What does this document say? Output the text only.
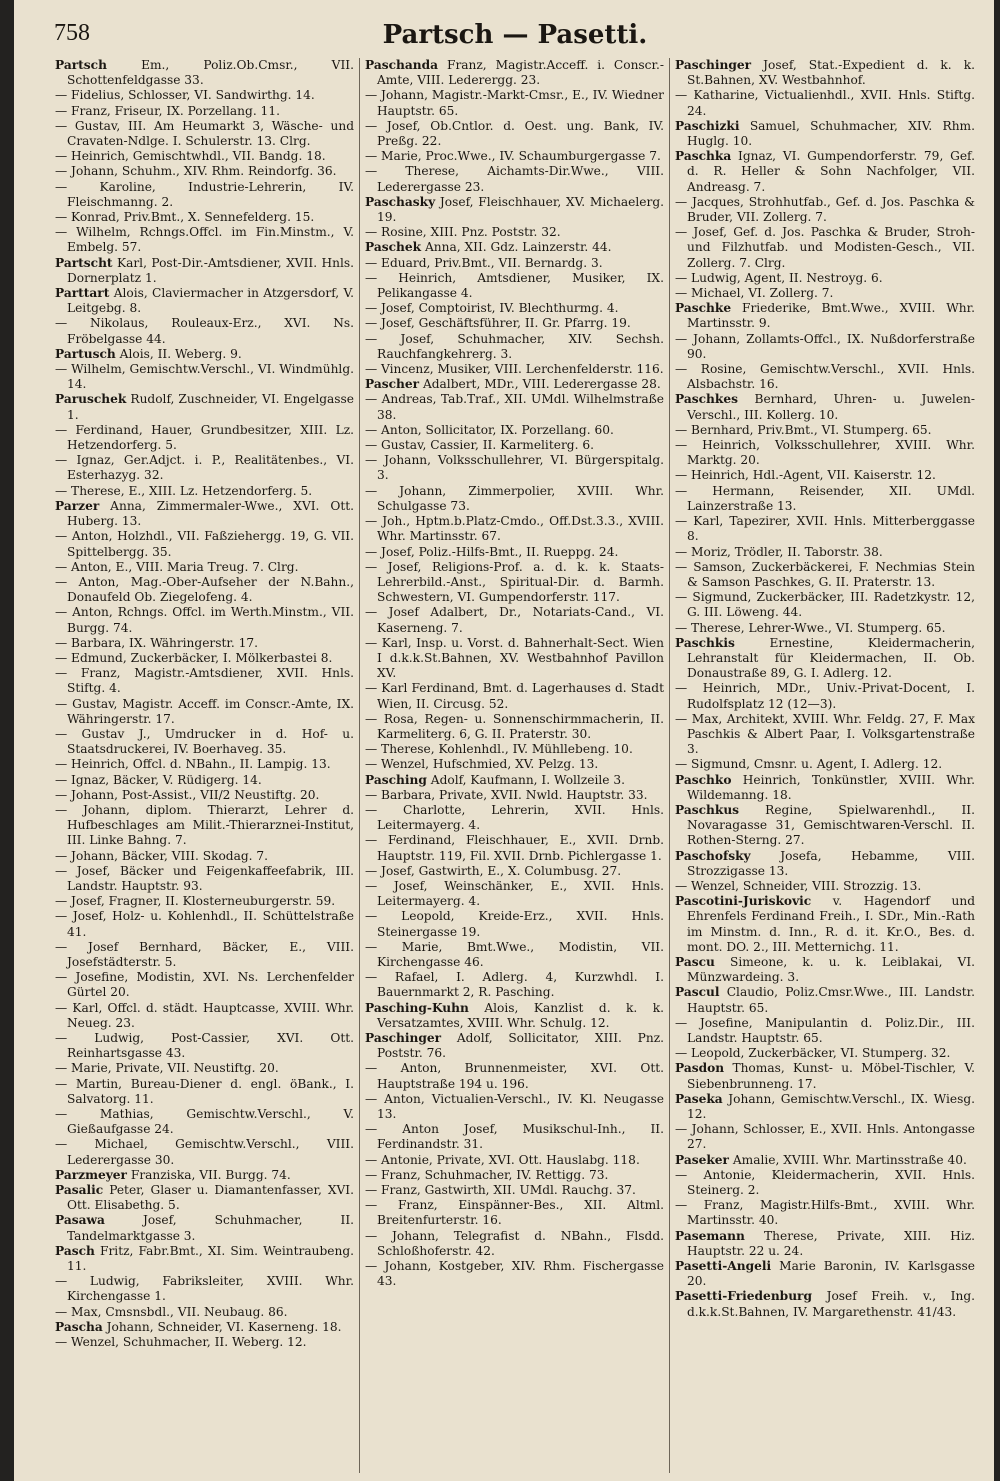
758	Partsch — Pasetti.

Partsch	Em., Poliz.Ob.Cmsr., VII. Schottenfeldgasse 33.

— Fidelius, Schlosser, VI. Sandwirthg. 14.

— Franz, Friseur, IX. Porzellang. 11.

— Gustav, III. Am Heumarkt 3, Wäsche- und Cravaten-Ndlge. I. Schulerstr. 13. Clrg.

— Heinrich, Gemischtwhdl., VII. Bandg. 18.

— Johann, Schuhm., XIV. Rhm. Reindorfg. 36.

— Karoline, Industrie-Lehrerin, IV. Fleischmanng. 2.

— Konrad, Priv.Bmt., X. Sennefelderg. 15.

— Wilhelm, Rchngs.Offcl. im Fin.Minstm., V. Embelg. 57.

Partscht Karl, Post-Dir.-Amtsdiener, XVII. Hnls. Dornerplatz 1.

Parttart Alois, Claviermacher in Atzgersdorf, V. Leitgebg. 8.

— Nikolaus, Rouleaux-Erz., XVI. Ns. Fröbelgasse 44.

Partusch Alois, II. Weberg. 9.

— Wilhelm, Gemischtw.Verschl., VI. Windmühlg. 14.

Paruschek Rudolf, Zuschneider, VI. Engelgasse 1.

— Ferdinand, Hauer, Grundbesitzer, XIII. Lz. Hetzendorferg. 5.

— Ignaz, Ger.Adjct. i. P., Realitätenbes., VI. Esterhazyg. 32.

— Therese, E., XIII. Lz. Hetzendorferg. 5.

Parzer Anna, Zimmermaler-Wwe., XVI. Ott. Huberg. 13.

— Anton, Holzhdl., VII. Faßziehergg. 19, G. VII. Spittelbergg. 35.

— Anton, E., VIII. Maria Treug. 7. Clrg.

— Anton, Mag.-Ober-Aufseher der N.Bahn., Donaufeld Ob. Ziegelofeng. 4.

— Anton, Rchngs. Offcl. im Werth.Minstm., VII. Burgg. 74.

— Barbara, IX. Währingerstr. 17.

— Edmund, Zuckerbäcker, I. Mölkerbastei 8.

— Franz, Magistr.-Amtsdiener, XVII. Hnls. Stiftg. 4.

— Gustav, Magistr. Acceff. im Conscr.-Amte, IX. Währingerstr. 17.

— Gustav J., Umdrucker in d. Hof- u. Staatsdruckerei, IV. Boerhaveg. 35.

— Heinrich, Offcl. d. NBahn., II. Lampig. 13.

— Ignaz, Bäcker, V. Rüdigerg. 14.

— Johann, Post-Assist., VII/2 Neustiftg. 20.

— Johann, diplom. Thierarzt, Lehrer d. Hufbeschlages am Milit.-Thierarznei-Institut, III. Linke Bahng. 7.

— Johann, Bäcker, VIII. Skodag. 7.

— Josef, Bäcker und Feigenkaffeefabrik, III. Landstr. Hauptstr. 93.

— Josef, Fragner, II. Klosterneuburgerstr. 59.

— Josef, Holz- u. Kohlenhdl., II. Schüttelstraße 41.

— Josef Bernhard, Bäcker, E., VIII. Josefstädterstr. 5.

— Josefine, Modistin, XVI. Ns. Lerchenfelder Gürtel 20.

— Karl, Offcl. d. städt. Hauptcasse, XVIII. Whr. Neueg. 23.

— Ludwig, Post-Cassier, XVI. Ott. Reinhartsgasse 43.

— Marie, Private, VII. Neustiftg. 20.

— Martin, Bureau-Diener d. engl. öBank., I. Salvatorg. 11.

— Mathias, Gemischtw.Verschl., V. Gießaufgasse 24.

— Michael, Gemischtw.Verschl., VIII. Lederergasse 30.

Parzmeyer Franziska, VII. Burgg. 74.

Pasalic Peter, Glaser u. Diamantenfasser, XVI. Ott. Elisabethg. 5.

Pasawa	Josef, Schuhmacher, II. Tandelmarktgasse 3.

Pasch Fritz, Fabr.Bmt., XI. Sim. Weintraubeng. 11.

— Ludwig, Fabriksleiter, XVIII. Whr. Kirchengasse 1.

— Max, Cmsnsbdl., VII. Neubaug. 86.

Pascha Johann, Schneider, VI. Kaserneng. 18.

— Wenzel, Schuhmacher, II. Weberg. 12.

Paschanda Franz, Magistr.Acceff. i. Conscr.-Amte, VIII. Lederergg. 23.

— Johann, Magistr.-Markt-Cmsr., E., IV. Wiedner Hauptstr. 65.

— Josef, Ob.Cntlor. d. Oest. ung. Bank, IV. Preßg. 22.

— Marie, Proc.Wwe., IV. Schaumburgergasse 7.

— Therese, Aichamts-Dir.Wwe., VIII. Lederergasse 23.

Paschasky Josef, Fleischhauer, XV. Michaelerg. 19.

— Rosine, XIII. Pnz. Poststr. 32.

Paschek Anna, XII. Gdz. Lainzerstr. 44.

— Eduard, Priv.Bmt., VII. Bernardg. 3.

— Heinrich, Amtsdiener, Musiker, IX. Pelikangasse 4.

— Josef, Comptoirist, IV. Blechthurmg. 4.

— Josef, Geschäftsführer, II. Gr. Pfarrg. 19.

— Josef, Schuhmacher, XIV. Sechsh. Rauchfangkehrerg. 3.

— Vincenz, Musiker, VIII. Lerchenfelderstr. 116.

Pascher Adalbert, MDr., VIII. Lederergasse 28.

— Andreas, Tab.Traf., XII. UMdl. Wilhelmstraße 38.

— Anton, Sollicitator, IX. Porzellang. 60.

— Gustav, Cassier, II. Karmeliterg. 6.

— Johann, Volksschullehrer, VI. Bürgerspitalg. 3.

— Johann, Zimmerpolier, XVIII. Whr. Schulgasse 73.

— Joh., Hptm.b.Platz-Cmdo., Off.Dst.3.3., XVIII. Whr. Martinsstr. 67.

— Josef, Poliz.-Hilfs-Bmt., II. Rueppg. 24.

— Josef, Religions-Prof. a. d. k. k. Staats-Lehrerbild.-Anst., Spiritual-Dir. d. Barmh. Schwestern, VI. Gumpendorferstr. 117.

— Josef Adalbert, Dr., Notariats-Cand., VI. Kaserneng. 7.

— Karl, Insp. u. Vorst. d. Bahnerhalt-Sect. Wien I d.k.k.St.Bahnen, XV. Westbahnhof Pavillon XV.

— Karl Ferdinand, Bmt. d. Lagerhauses d. Stadt Wien, II. Circusg. 52.

— Rosa, Regen- u. Sonnenschirmmacherin, II. Karmeliterg. 6, G. II. Praterstr. 30.

— Therese, Kohlenhdl., IV. Mühllebeng. 10.

— Wenzel, Hufschmied, XV. Pelzg. 13.

Pasching Adolf, Kaufmann, I. Wollzeile 3.

— Barbara, Private, XVII. Nwld. Hauptstr. 33.

— Charlotte, Lehrerin, XVII. Hnls. Leitermayerg. 4.

— Ferdinand, Fleischhauer, E., XVII. Drnb. Hauptstr. 119, Fil. XVII. Drnb. Pichlergasse 1.

— Josef, Gastwirth, E., X. Columbusg. 27.

— Josef, Weinschänker, E., XVII. Hnls. Leitermayerg. 4.

— Leopold, Kreide-Erz., XVII. Hnls. Steinergasse 19.

— Marie, Bmt.Wwe., Modistin, VII. Kirchengasse 46.

— Rafael, I. Adlerg. 4, Kurzwhdl. I. Bauernmarkt 2, R. Pasching.

Pasching-Kuhn Alois, Kanzlist d. k. k. Versatzamtes, XVIII. Whr. Schulg. 12.

Paschinger Adolf, Sollicitator, XIII. Pnz. Poststr. 76.

— Anton, Brunnenmeister, XVI. Ott. Hauptstraße 194 u. 196.

— Anton, Victualien-Verschl., IV. Kl. Neugasse 13.

— Anton Josef, Musikschul-Inh., II. Ferdinandstr. 31.

— Antonie, Private, XVI. Ott. Hauslabg. 118.

— Franz, Schuhmacher, IV. Rettigg. 73.

— Franz, Gastwirth, XII. UMdl. Rauchg. 37.

— Franz, Einspänner-Bes., XII. Altml. Breitenfurterstr. 16.

— Johann, Telegrafist d. NBahn., Flsdd. Schloßhoferstr. 42.

— Johann, Kostgeber, XIV. Rhm. Fischergasse 43.

Paschinger Josef, Stat.-Expedient d. k. k. St.Bahnen, XV. Westbahnhof.

— Katharine, Victualienhdl., XVII. Hnls. Stiftg. 24.

Paschizki Samuel, Schuhmacher, XIV. Rhm. Huglg. 10.

Paschka Ignaz, VI. Gumpendorferstr. 79, Gef. d. R. Heller & Sohn Nachfolger, VII. Andreasg. 7.

— Jacques, Strohhutfab., Gef. d. Jos. Paschka & Bruder, VII. Zollerg. 7.

— Josef, Gef. d. Jos. Paschka & Bruder, Stroh- und Filzhutfab. und Modisten-Gesch., VII. Zollerg. 7. Clrg.

— Ludwig, Agent, II. Nestroyg. 6.

— Michael, VI. Zollerg. 7.

Paschke Friederike, Bmt.Wwe., XVIII. Whr. Martinsstr. 9.

— Johann, Zollamts-Offcl., IX. Nußdorferstraße 90.

— Rosine, Gemischtw.Verschl., XVII. Hnls. Alsbachstr. 16.

Paschkes Bernhard, Uhren- u. Juwelen-Verschl., III. Kollerg. 10.

— Bernhard, Priv.Bmt., VI. Stumperg. 65.

— Heinrich, Volksschullehrer, XVIII. Whr. Marktg. 20.

— Heinrich, Hdl.-Agent, VII. Kaiserstr. 12.

— Hermann, Reisender, XII. UMdl. Lainzerstraße 13.

— Karl, Tapezirer, XVII. Hnls. Mitterberggasse 8.

— Moriz, Trödler, II. Taborstr. 38.

— Samson, Zuckerbäckerei, F. Nechmias Stein & Samson Paschkes, G. II. Praterstr. 13.

— Sigmund, Zuckerbäcker, III. Radetzkystr. 12, G. III. Löweng. 44.

— Therese, Lehrer-Wwe., VI. Stumperg. 65.

Paschkis	Ernestine, Kleidermacherin, Lehranstalt für Kleidermachen, II. Ob. Donaustraße 89, G. I. Adlerg. 12.

— Heinrich, MDr., Univ.-Privat-Docent, I. Rudolfsplatz 12 (12—3).

— Max, Architekt, XVIII. Whr. Feldg. 27, F. Max Paschkis & Albert Paar, I. Volksgartenstraße 3.

— Sigmund, Cmsnr. u. Agent, I. Adlerg. 12.

Paschko Heinrich, Tonkünstler, XVIII. Whr. Wildemanng. 18.

Paschkus Regine, Spielwarenhdl., II. Novaragasse 31, Gemischtwaren-Verschl. II. Rothen-Sterng. 27.

Paschofsky Josefa, Hebamme, VIII. Strozzigasse 13.

— Wenzel, Schneider, VIII. Strozzig. 13.

Pascotini-Juriskovic v. Hagendorf und Ehrenfels Ferdinand Freih., I. SDr., Min.-Rath im Minstm. d. Inn., R. d. it. Kr.O., Bes. d. mont. DO. 2., III. Metternichg. 11.

Pascu Simeone, k. u. k. Leiblakai, VI. Münzwardeing. 3.

Pascul Claudio, Poliz.Cmsr.Wwe., III. Landstr. Hauptstr. 65.

— Josefine, Manipulantin d. Poliz.Dir., III. Landstr. Hauptstr. 65.

— Leopold, Zuckerbäcker, VI. Stumperg. 32.

Pasdon Thomas, Kunst- u. Möbel-Tischler, V. Siebenbrunneng. 17.

Paseka Johann, Gemischtw.Verschl., IX. Wiesg. 12.

— Johann, Schlosser, E., XVII. Hnls. Antongasse 27.

Paseker Amalie, XVIII. Whr. Martinsstraße 40.

— Antonie, Kleidermacherin, XVII. Hnls. Steinerg. 2.

— Franz, Magistr.Hilfs-Bmt., XVIII. Whr. Martinsstr. 40.

Pasemann Therese, Private, XIII. Hiz. Hauptstr. 22 u. 24.

Pasetti-Angeli Marie Baronin, IV. Karlsgasse 20.

Pasetti-Friedenburg Josef Freih. v., Ing. d.k.k.St.Bahnen, IV. Margarethenstr. 41/43.
